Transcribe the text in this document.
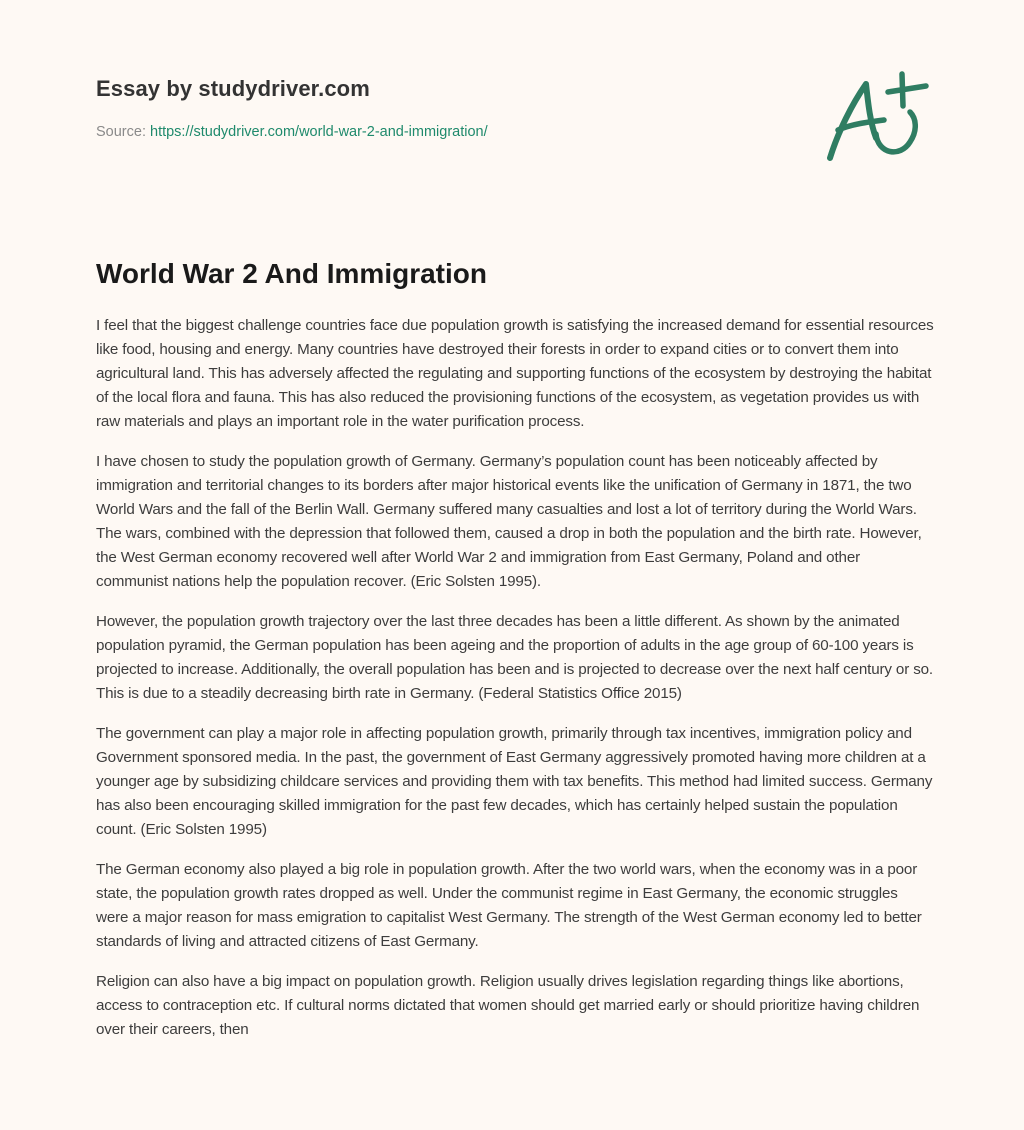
Essay by studydriver.com
Source: https://studydriver.com/world-war-2-and-immigration/
World War 2 And Immigration

I feel that the biggest challenge countries face due population growth is satisfying the increased demand for essential resources like food, housing and energy. Many countries have destroyed their forests in order to expand cities or to convert them into agricultural land. This has adversely affected the regulating and supporting functions of the ecosystem by destroying the habitat of the local flora and fauna. This has also reduced the provisioning functions of the ecosystem, as vegetation provides us with raw materials and plays an important role in the water purification process.

I have chosen to study the population growth of Germany. Germany’s population count has been noticeably affected by immigration and territorial changes to its borders after major historical events like the unification of Germany in 1871, the two World Wars and the fall of the Berlin Wall. Germany suffered many casualties and lost a lot of territory during the World Wars. The wars, combined with the depression that followed them, caused a drop in both the population and the birth rate. However, the West German economy recovered well after World War 2 and immigration from East Germany, Poland and other communist nations help the population recover. (Eric Solsten 1995).

However, the population growth trajectory over the last three decades has been a little different. As shown by the animated population pyramid, the German population has been ageing and the proportion of adults in the age group of 60-100 years is projected to increase. Additionally, the overall population has been and is projected to decrease over the next half century or so. This is due to a steadily decreasing birth rate in Germany. (Federal Statistics Office 2015)

The government can play a major role in affecting population growth, primarily through tax incentives, immigration policy and Government sponsored media. In the past, the government of East Germany aggressively promoted having more children at a younger age by subsidizing childcare services and providing them with tax benefits. This method had limited success. Germany has also been encouraging skilled immigration for the past few decades, which has certainly helped sustain the population count. (Eric Solsten 1995)

The German economy also played a big role in population growth. After the two world wars, when the economy was in a poor state, the population growth rates dropped as well. Under the communist regime in East Germany, the economic struggles were a major reason for mass emigration to capitalist West Germany. The strength of the West German economy led to better standards of living and attracted citizens of East Germany.

Religion can also have a big impact on population growth. Religion usually drives legislation regarding things like abortions, access to contraception etc. If cultural norms dictated that women should get married early or should prioritize having children over their careers, then
